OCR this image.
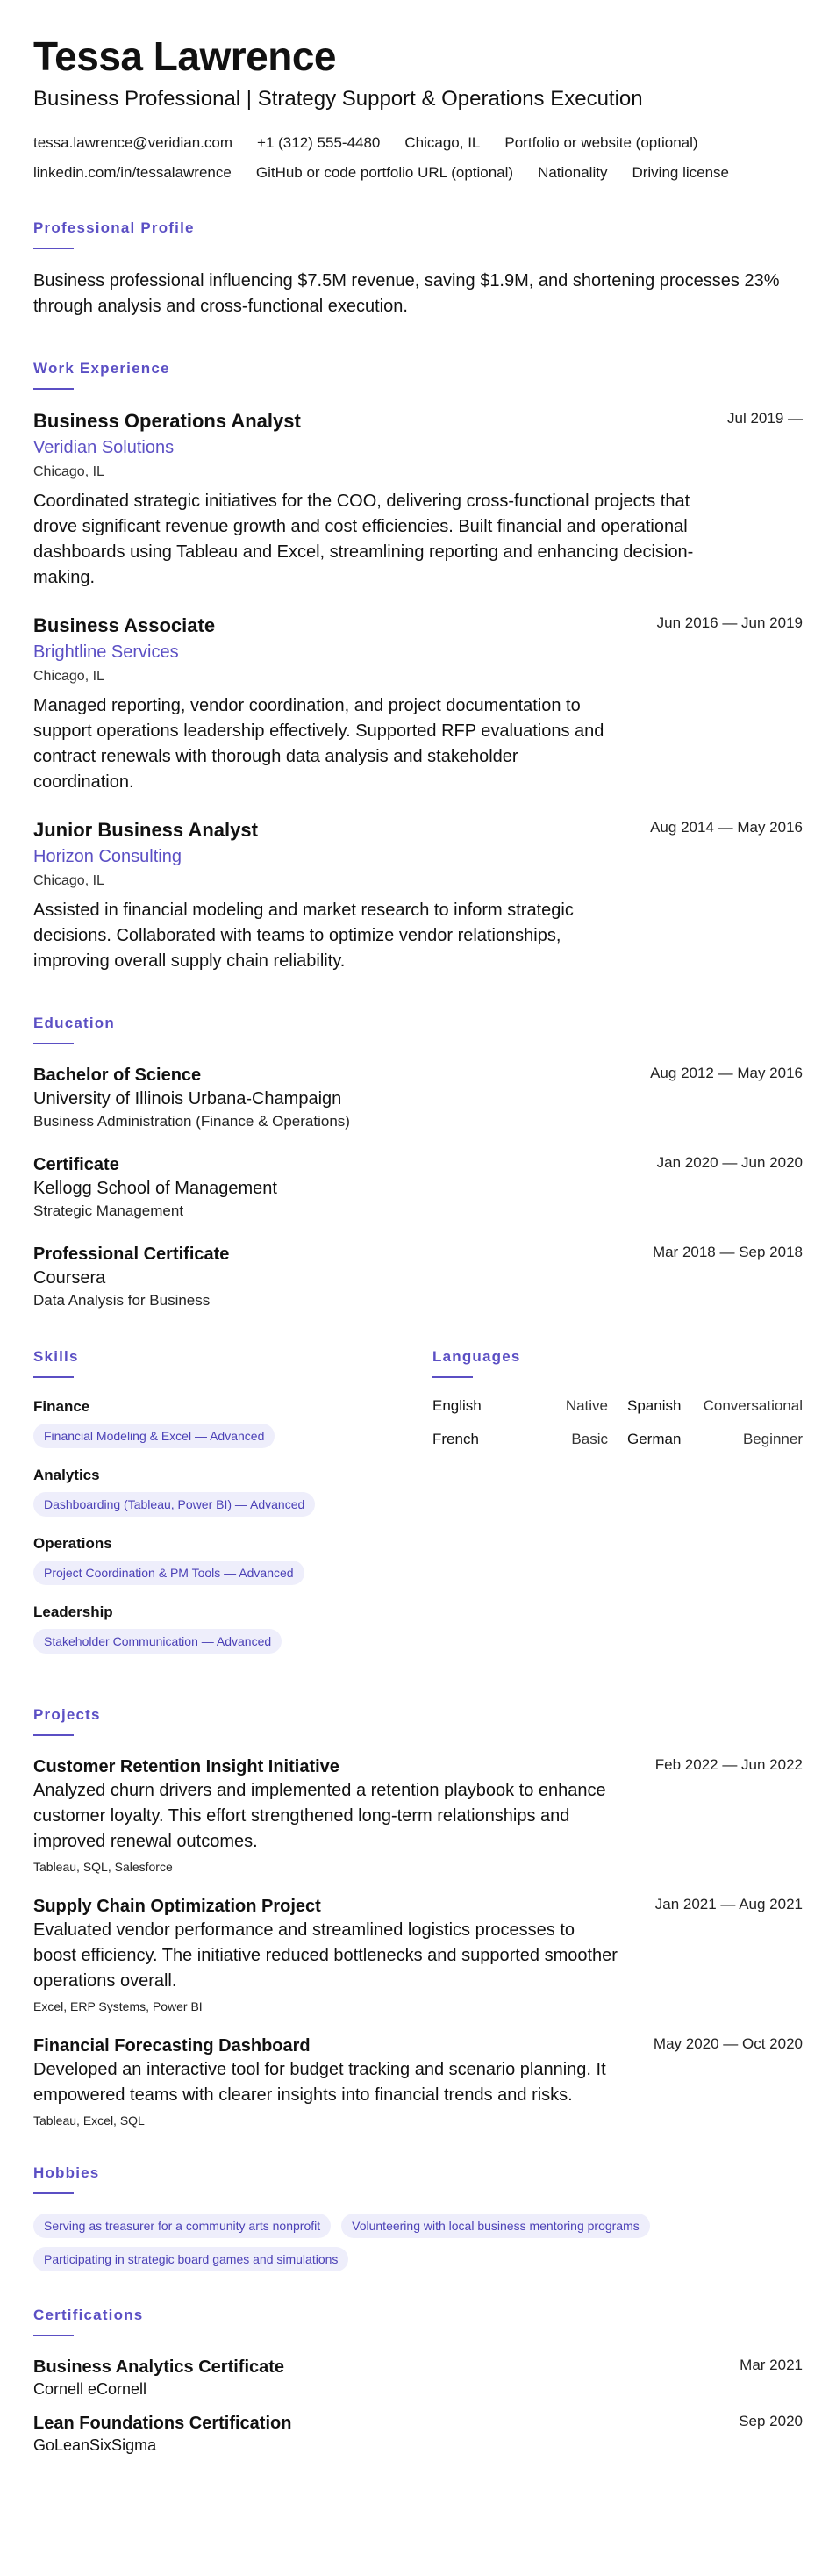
Tessa Lawrence
Business Professional | Strategy Support & Operations Execution
tessa.lawrence@veridian.com +1 (312) 555-4480 Chicago, IL Portfolio or website (optional)
linkedin.com/in/tessalawrence GitHub or code portfolio URL (optional) Nationality Driving license
Professional Profile

Business professional influencing $7.5M revenue, saving $1.9M, and shortening processes 23% through analysis and cross-functional execution.

Work Experience
Business Operations Analyst	Jul 2019 —
Veridian Solutions
Chicago, IL

Coordinated strategic initiatives for the COO, delivering cross-functional projects that drove significant revenue growth and cost efficiencies. Built financial and operational dashboards using Tableau and Excel, streamlining reporting and enhancing decision-making.

Business Associate	Jun 2016 — Jun 2019
Brightline Services
Chicago, IL

Managed reporting, vendor coordination, and project documentation to support operations leadership effectively. Supported RFP evaluations and contract renewals with thorough data analysis and stakeholder coordination.

Junior Business Analyst	Aug 2014 — May 2016
Horizon Consulting
Chicago, IL

Assisted in financial modeling and market research to inform strategic decisions. Collaborated with teams to optimize vendor relationships, improving overall supply chain reliability.

Education
Bachelor of Science	Aug 2012 — May 2016
University of Illinois Urbana-Champaign
Business Administration (Finance & Operations)
Certificate	Jan 2020 — Jun 2020
Kellogg School of Management
Strategic Management
Professional Certificate	Mar 2018 — Sep 2018
Coursera
Data Analysis for Business
Skills
Finance
Financial Modeling & Excel — Advanced
Analytics
Dashboarding (Tableau, Power BI) — Advanced
Operations
Project Coordination & PM Tools — Advanced
Leadership
Stakeholder Communication — Advanced
Languages
English	Native Spanish Conversational
French	Basic German	Beginner
Projects
Customer Retention Insight Initiative	Feb 2022 — Jun 2022

Analyzed churn drivers and implemented a retention playbook to enhance customer loyalty. This effort strengthened long-term relationships and improved renewal outcomes.

Tableau, SQL, Salesforce
Supply Chain Optimization Project	Jan 2021 — Aug 2021

Evaluated vendor performance and streamlined logistics processes to boost efficiency. The initiative reduced bottlenecks and supported smoother operations overall.

Excel, ERP Systems, Power BI
Financial Forecasting Dashboard	May 2020 — Oct 2020

Developed an interactive tool for budget tracking and scenario planning. It empowered teams with clearer insights into financial trends and risks.

Tableau, Excel, SQL
Hobbies
Serving as treasurer for a community arts nonprofit	Volunteering with local business mentoring programs
Participating in strategic board games and simulations
Certifications
Business Analytics Certificate	Mar 2021
Cornell eCornell
Lean Foundations Certification	Sep 2020
GoLeanSixSigma
